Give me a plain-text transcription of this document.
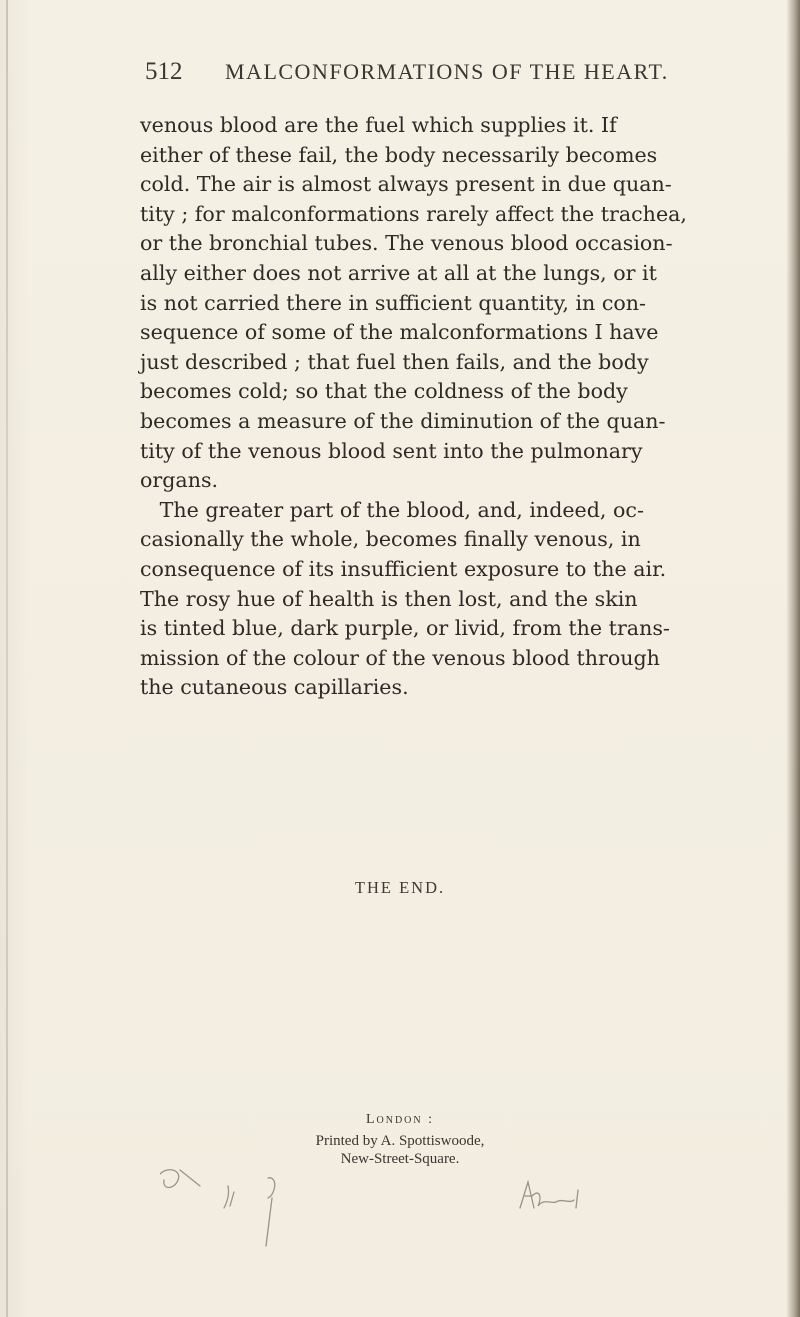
512	MALCONFORMATIONS OF THE HEART.
venous blood are the fuel which supplies it. If
either of these fail, the body necessarily becomes
cold. The air is almost always present in due quan-
tity ; for malconformations rarely affect the trachea,
or the bronchial tubes. The venous blood occasion-
ally either does not arrive at all at the lungs, or it
is not carried there in sufficient quantity, in con-
sequence of some of the malconformations I have
just described ; that fuel then fails, and the body
becomes cold; so that the coldness of the body
becomes a measure of the diminution of the quan-
tity of the venous blood sent into the pulmonary
organs.
The greater part of the blood, and, indeed, oc-
casionally the whole, becomes finally venous, in
consequence of its insufficient exposure to the air.
The rosy hue of health is then lost, and the skin
is tinted blue, dark purple, or livid, from the trans-
mission of the colour of the venous blood through
the cutaneous capillaries.
THE END.
London :
Printed by A. Spottiswoode,
New-Street-Square.
